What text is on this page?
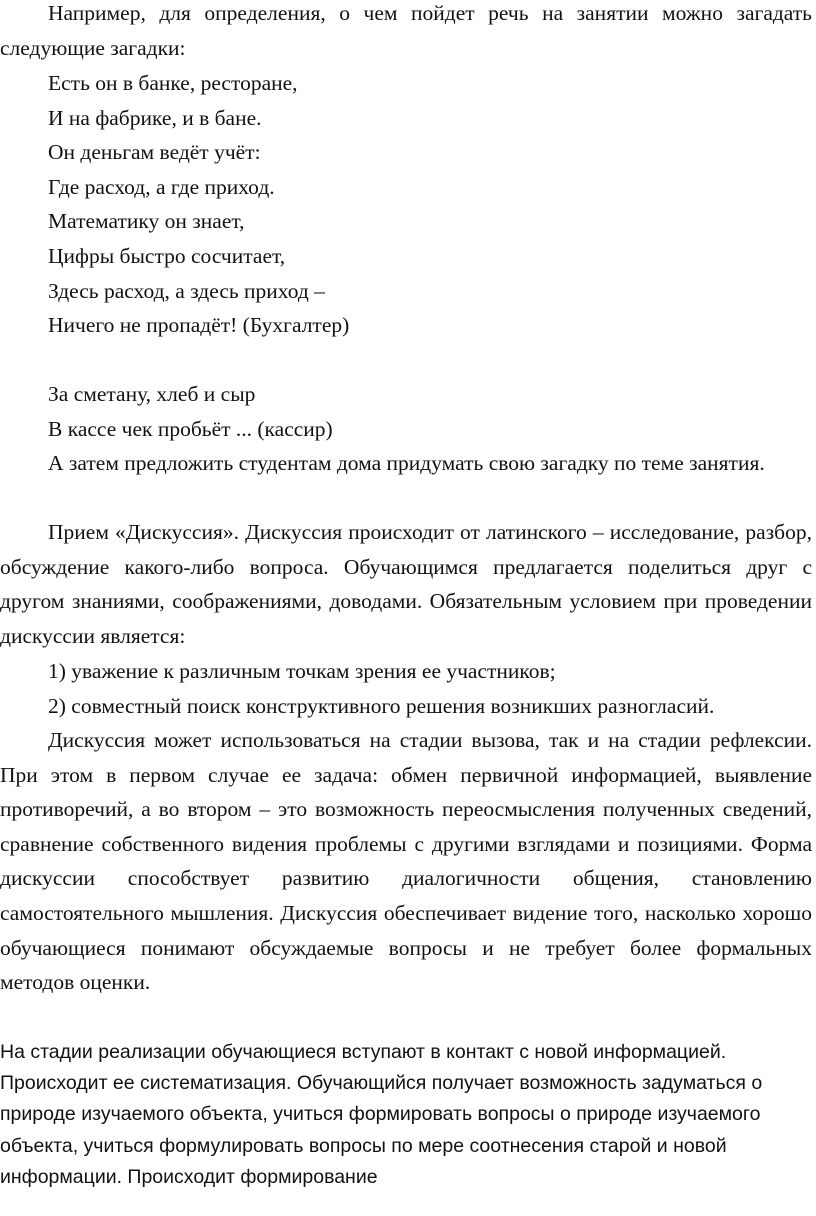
Например, для определения, о чем пойдет речь на занятии можно загадать следующие загадки:

Есть он в банке, ресторане,
И на фабрике, и в бане.
Он деньгам ведёт учёт:
Где расход, а где приход.
Математику он знает,
Цифры быстро сосчитает,
Здесь расход, а здесь приход –
Ничего не пропадёт! (Бухгалтер)
За сметану, хлеб и сыр
В кассе чек пробьёт ... (кассир)

А затем предложить студентам дома придумать свою загадку по теме занятия.

Прием «Дискуссия». Дискуссия происходит от латинского – исследование, разбор, обсуждение какого-либо вопроса. Обучающимся предлагается поделиться друг с другом знаниями, соображениями, доводами. Обязательным условием при проведении дискуссии является:

1) уважение к различным точкам зрения ее участников;
2) совместный поиск конструктивного решения возникших разногласий.

Дискуссия может использоваться на стадии вызова, так и на стадии рефлексии. При этом в первом случае ее задача: обмен первичной информацией, выявление противоречий, а во втором – это возможность переосмысления полученных сведений, сравнение собственного видения проблемы с другими взглядами и позициями. Форма дискуссии способствует развитию диалогичности общения, становлению самостоятельного мышления. Дискуссия обеспечивает видение того, насколько хорошо обучающиеся понимают обсуждаемые вопросы и не требует более формальных методов оценки.

На стадии реализации обучающиеся вступают в контакт с новой информацией. Происходит ее систематизация. Обучающийся получает возможность задуматься о природе изучаемого объекта, учиться формировать вопросы о природе изучаемого объекта, учиться формулировать вопросы по мере соотнесения старой и новой информации. Происходит формирование
